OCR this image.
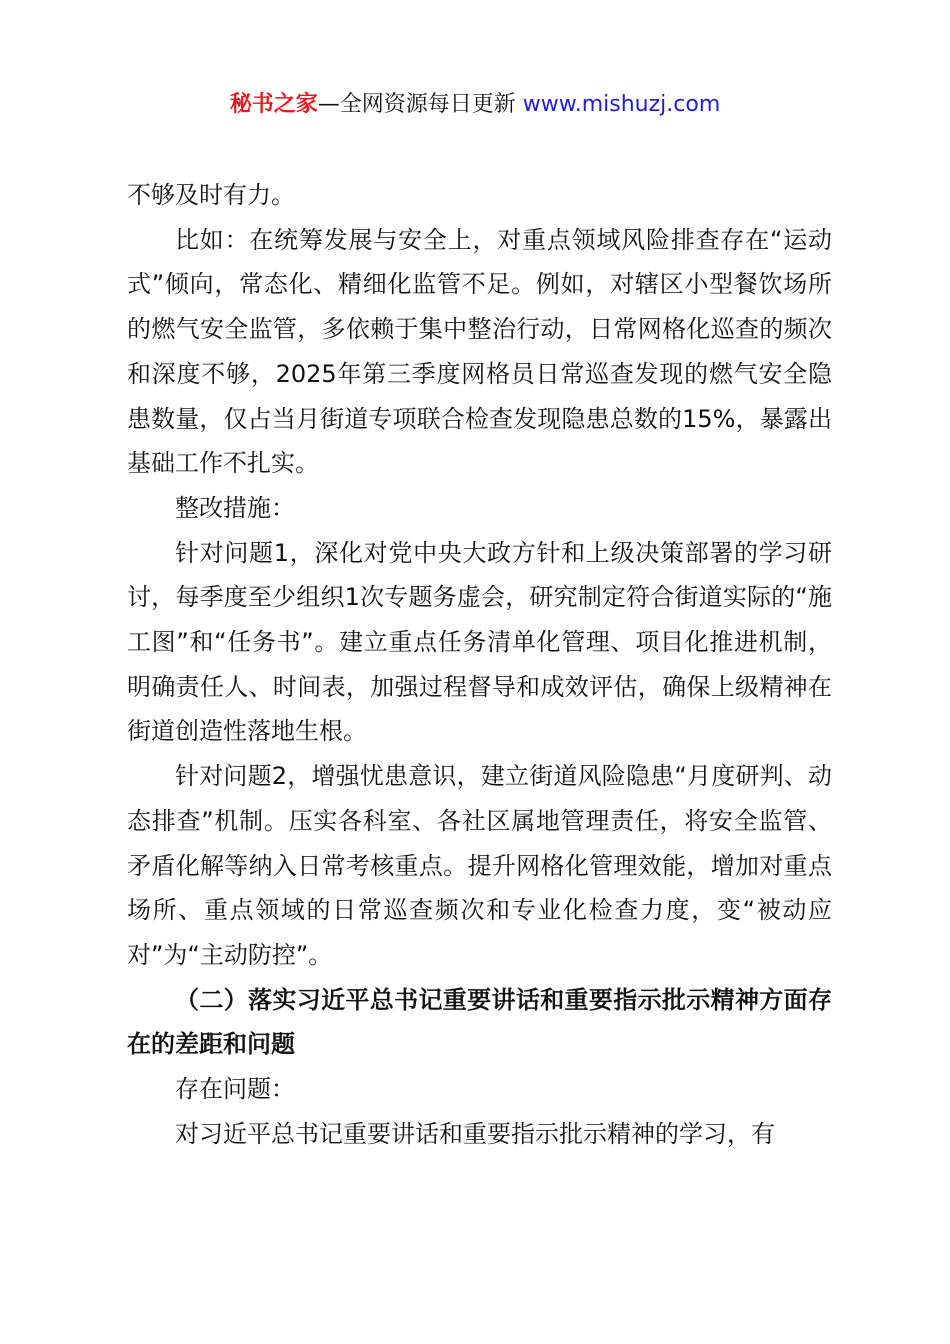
秘书之家—全网资源每日更新 www.mishuzj.com

不够及时有力。

比如：在统筹发展与安全上，对重点领域风险排查存在“运动式”倾向，常态化、精细化监管不足。例如，对辖区小型餐饮场所的燃气安全监管，多依赖于集中整治行动，日常网格化巡查的频次和深度不够，2025年第三季度网格员日常巡查发现的燃气安全隐患数量，仅占当月街道专项联合检查发现隐患总数的15%，暴露出基础工作不扎实。

整改措施：

针对问题1，深化对党中央大政方针和上级决策部署的学习研讨，每季度至少组织1次专题务虚会，研究制定符合街道实际的“施工图”和“任务书”。建立重点任务清单化管理、项目化推进机制，明确责任人、时间表，加强过程督导和成效评估，确保上级精神在街道创造性落地生根。

针对问题2，增强忧患意识，建立街道风险隐患“月度研判、动态排查”机制。压实各科室、各社区属地管理责任，将安全监管、矛盾化解等纳入日常考核重点。提升网格化管理效能，增加对重点场所、重点领域的日常巡查频次和专业化检查力度，变“被动应对”为“主动防控”。

（二）落实习近平总书记重要讲话和重要指示批示精神方面存在的差距和问题

存在问题：

对习近平总书记重要讲话和重要指示批示精神的学习，有
